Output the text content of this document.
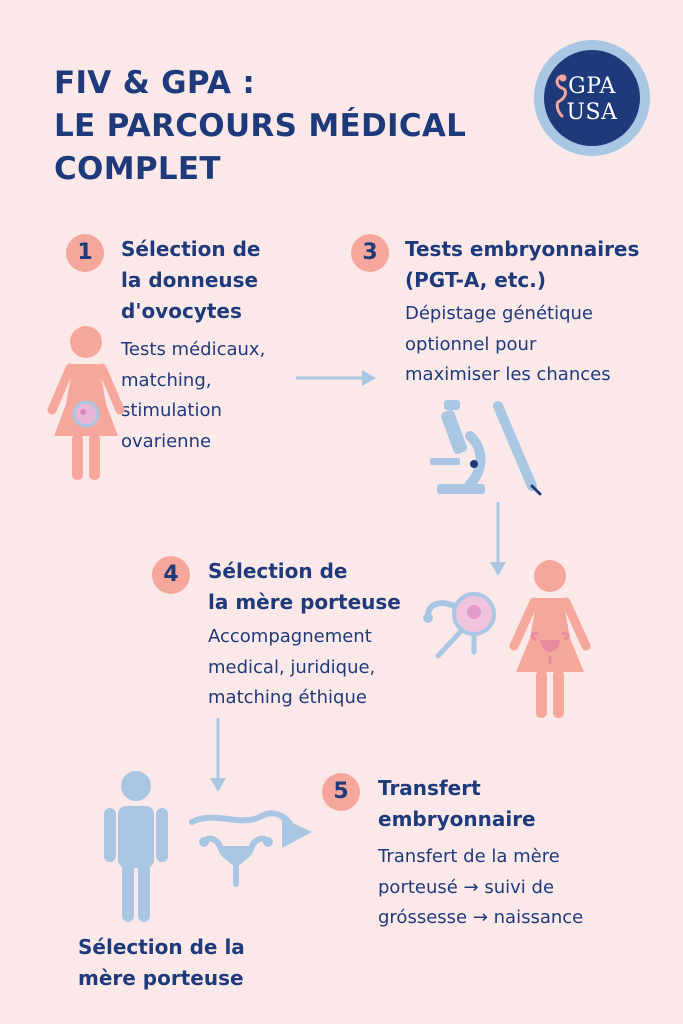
FIV & GPA :
LE PARCOURS MÉDICAL
COMPLET
GPA
USA
1	Sélection de
la donneuse
d'ovocytes
Tests médicaux,
matching,
stimulation
ovarienne
3	Tests embryonnaires
(PGT-A, etc.)
Dépistage génétique
optionnel pour
maximiser les chances
4	Sélection de
la mère porteuse
Accompagnement
medical, juridique,
matching éthique
5	Transfert
embryonnaire
Transfert de la mère
porteusé → suivi de
gróssesse → naissance
Sélection de la
mère porteuse
